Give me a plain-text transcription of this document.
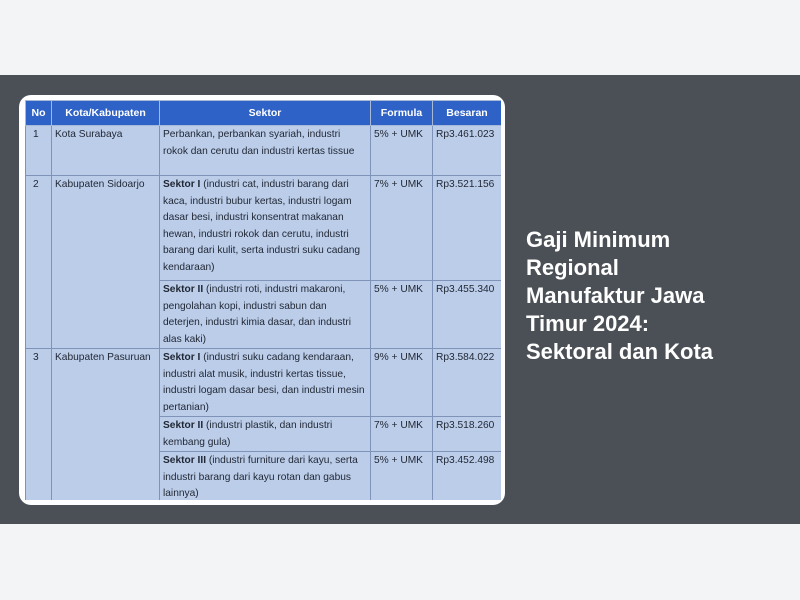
No	Kota/Kabupaten	Sektor	Formula	Besaran
1	Kota Surabaya	Perbankan, perbankan syariah, industri rokok dan cerutu dan industri kertas tissue	5% + UMK	Rp3.461.023
2	Kabupaten Sidoarjo	Sektor I (industri cat, industri barang dari kaca, industri bubur kertas, industri logam dasar besi, industri konsentrat makanan hewan, industri rokok dan cerutu, industri barang dari kulit, serta industri suku cadang kendaraan)	7% + UMK	Rp3.521.156
		Sektor II (industri roti, industri makaroni, pengolahan kopi, industri sabun dan deterjen, industri kimia dasar, dan industri alas kaki)	5% + UMK	Rp3.455.340
3	Kabupaten Pasuruan	Sektor I (industri suku cadang kendaraan, industri alat musik, industri kertas tissue, industri logam dasar besi, dan industri mesin pertanian)	9% + UMK	Rp3.584.022
		Sektor II (industri plastik, dan industri kembang gula)	7% + UMK	Rp3.518.260
		Sektor III (industri furniture dari kayu, serta industri barang dari kayu rotan dan gabus lainnya)	5% + UMK	Rp3.452.498
Gaji Minimum
Regional
Manufaktur Jawa
Timur 2024:
Sektoral dan Kota
